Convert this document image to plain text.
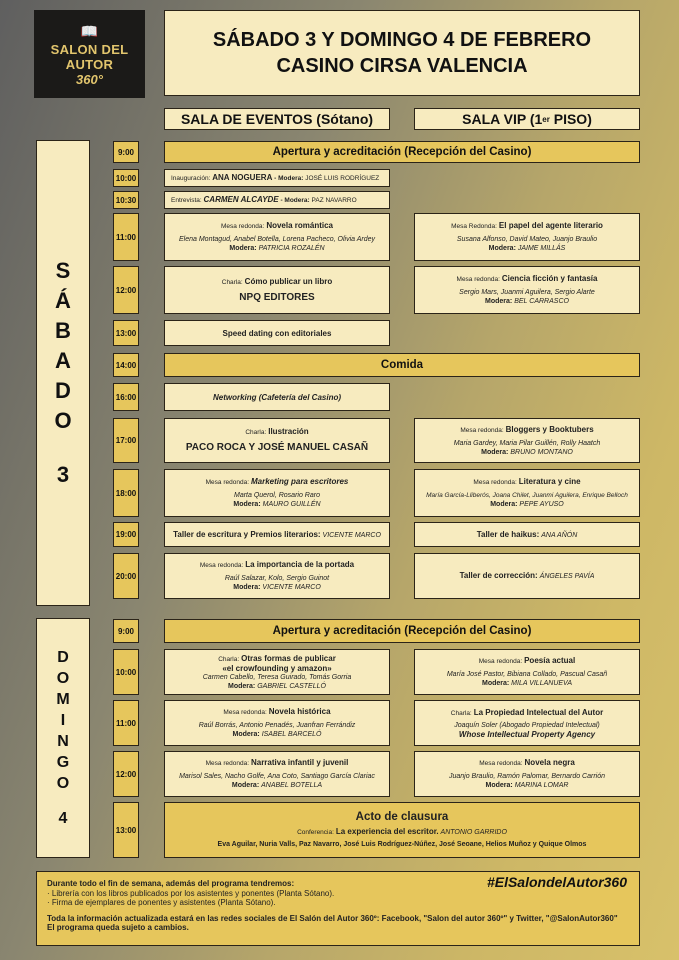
📖
SALON DEL AUTOR
360°
SÁBADO 3 Y DOMINGO 4 DE FEBRERO
CASINO CIRSA VALENCIA
SALA DE EVENTOS (Sótano)	SALA VIP (1 er PISO)
S
Á
B
A
D
O
3
D
O
M
I
N
G
O
4
9:00
10:00
10:30
11:00
12:00
13:00
14:00
16:00
17:00
18:00
19:00
20:00
9:00
10:00
11:00
12:00
13:00
Apertura y acreditación (Recepción del Casino)
Inauguración: ANA NOGUERA - Modera: JOSÉ LUIS RODRÍGUEZ
Entrevista: CARMEN ALCAYDE - Modera: PAZ NAVARRO
Mesa redonda: Novela romántica
Elena Montagud, Anabel Botella, Lorena Pacheco, Olivia Ardey
Modera: PATRICIA ROZALÉN
Mesa Redonda: El papel del agente literario
Susana Alfonso, David Mateo, Juanjo Braulio
Modera: JAIME MILLÁS
Charla: Cómo publicar un libro
NPQ EDITORES
Mesa redonda: Ciencia ficción y fantasía
Sergio Mars, Juanmi Aguilera, Sergio Alarte
Modera: BEL CARRASCO
Speed dating con editoriales
Comida
Networking (Cafetería del Casino)
Charla: Ilustración
PACO ROCA Y JOSÉ MANUEL CASAÑ
Mesa redonda: Bloggers y Booktubers
Maria Gardey, Maria Pilar Guillén, Rolly Haatch
Modera: BRUNO MONTANO
Mesa redonda: Marketing para escritores
Marta Querol, Rosario Raro
Modera: MAURO GUILLÉN
Mesa redonda: Literatura y cine
María García-Lliberós, Joana Chilet, Juanmi Aguilera, Enrique Belloch
Modera: PEPE AYUSO
Taller de escritura y Premios literarios: VICENTE MARCO	Taller de haikus: ANA AÑÓN
Mesa redonda: La importancia de la portada
Raúl Salazar, Kolo, Sergio Guinot
Modera: VICENTE MARCO
Taller de corrección: ÁNGELES PAVÍA
Apertura y acreditación (Recepción del Casino)
Charla: Otras formas de publicar
«el crowfounding y amazon»
Carmen Cabello, Teresa Guirado, Tomás Gorria
Modera: GABRIEL CASTELLÓ
Mesa redonda: Poesía actual
María José Pastor, Bibiana Collado, Pascual Casañ
Modera: MILA VILLANUEVA
Mesa redonda: Novela histórica
Raúl Borrás, Antonio Penadés, Juanfran Ferrándiz
Modera: ISABEL BARCELÓ
Charla: La Propiedad Intelectual del Autor
Joaquín Soler (Abogado Propiedad Intelectual)
Whose Intellectual Property Agency
Mesa redonda: Narrativa infantil y juvenil
Marisol Sales, Nacho Golfe, Ana Coto, Santiago García Clariac
Modera: ANABEL BOTELLA
Mesa redonda: Novela negra
Juanjo Braulio, Ramón Palomar, Bernardo Carrión
Modera: MARINA LOMAR
Acto de clausura
Conferencia: La experiencia del escritor. ANTONIO GARRIDO
Eva Aguilar, Nuria Valls, Paz Navarro, José Luis Rodríguez-Núñez, José Seoane, Helios Muñoz y Quique Olmos
#ElSalondelAutor360
Durante todo el fin de semana, además del programa tendremos:
· Librería con los libros publicados por los asistentes y ponentes (Planta Sótano).
· Firma de ejemplares de ponentes y asistentes (Planta Sótano).
Toda la información actualizada estará en las redes sociales de El Salón del Autor 360º: Facebook, "Salon del autor 360º" y Twitter, "@SalonAutor360"
El programa queda sujeto a cambios.
